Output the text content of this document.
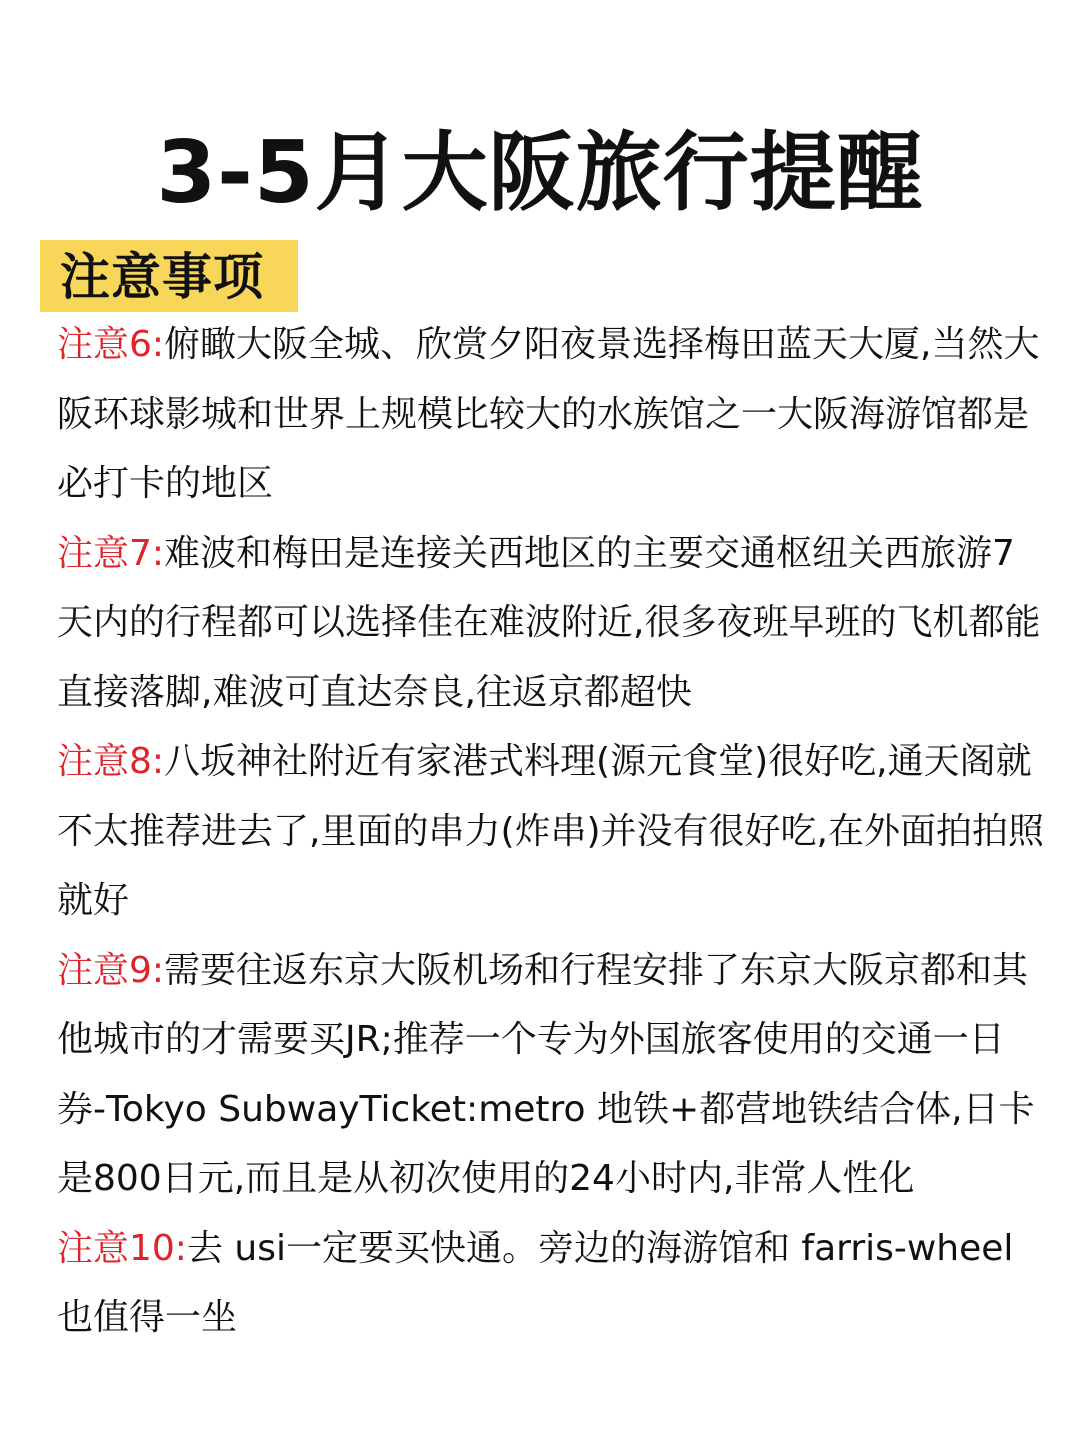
3-5月大阪旅行提醒
注意事项

注意6:俯瞰大阪全城、欣赏夕阳夜景选择梅田蓝天大厦,当然大阪环球影城和世界上规模比较大的水族馆之一大阪海游馆都是必打卡的地区

注意7:难波和梅田是连接关西地区的主要交通枢纽关西旅游7天内的行程都可以选择佳在难波附近,很多夜班早班的飞机都能直接落脚,难波可直达奈良,往返京都超快

注意8:八坂神社附近有家港式料理(源元食堂)很好吃,通天阁就不太推荐进去了,里面的串力(炸串)并没有很好吃,在外面拍拍照就好

注意9:需要往返东京大阪机场和行程安排了东京大阪京都和其他城市的才需要买JR;推荐一个专为外国旅客使用的交通一日券-Tokyo SubwayTicket:metro 地铁+都营地铁结合体,日卡是800日元,而且是从初次使用的24小时内,非常人性化

注意10:去 usi一定要买快通。旁边的海游馆和 farris-wheel也值得一坐
